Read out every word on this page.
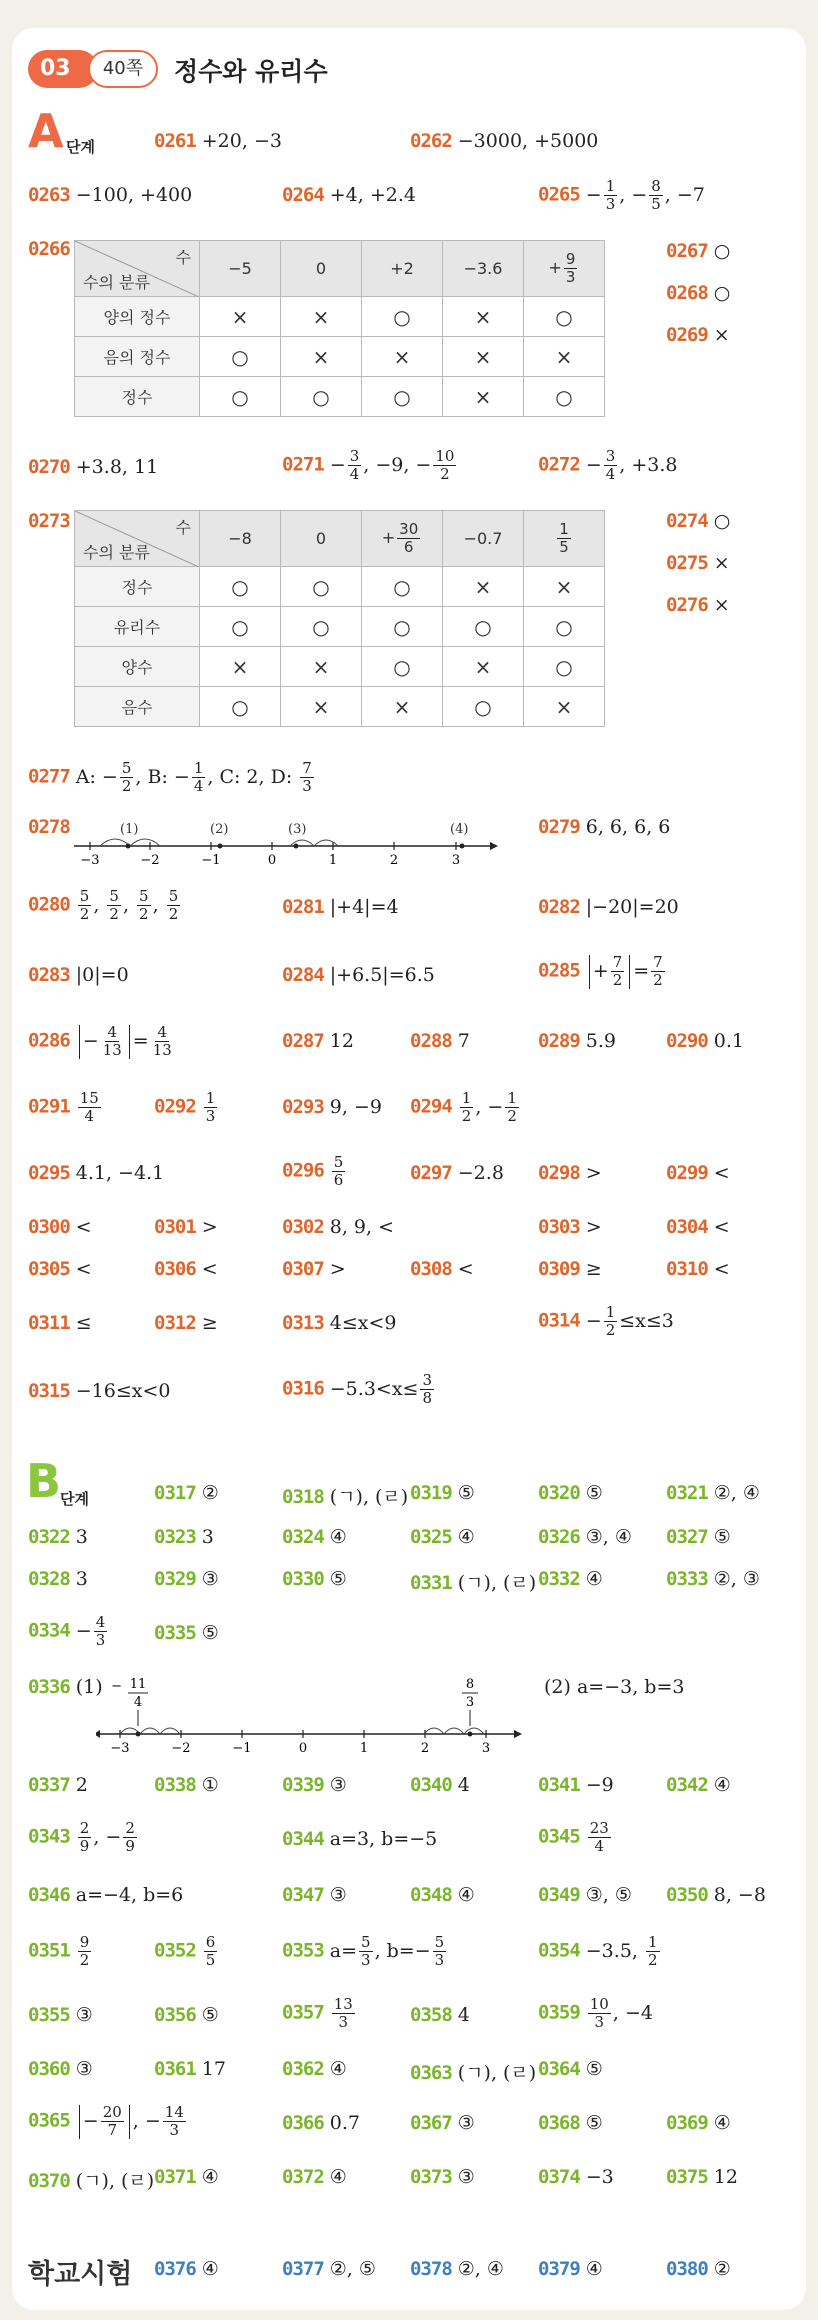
03	40쪽	정수와 유리수
A 단계	0261 +20, −3	0262 −3000, +5000
0263 −100, +400	0264 +4, +2.4	$0265 - \frac{1}{3}$ , − $\frac{8}{5}$ , −7
0266	수
수의 분류	−5	0	+2	−3.6	+ $\frac{9}{3}$

양의 정수	×	×	○	×	○
음의 정수	○	×	×	×	×
정수	○	○	○	×	○
0267 ○
0268 ○
0269 ×
0270 +3.8, 11	$0271 - \frac{3}{4}$ , −9, − $\frac{10}{2}$	$0272 - \frac{3}{4}$ , +3.8
0273	수
수의 분류	−8	0	+ $\frac{30}{6}$	−0.7	$\frac{1}{5}$

정수	○	○	○	×	×
유리수	○	○	○	○	○
양수	×	×	○	×	○
음수	○	×	×	○	×
0274 ○
0275 ×
0276 ×
0277 A: − $\frac{5}{2}$ , B: − $\frac{1}{4}$ , C: 2, D: $\frac{7}{3}$
0278	(1)	(2)	(3)	(4)
−3	−2	−1	0	1	2	3
0279 6, 6, 6, 6
$0280 \frac{5}{2}$ , $\frac{5}{2}$ , $\frac{5}{2}$ , $\frac{5}{2}$	0281 |+4|=4	0282 |−20|=20
0283 |0|=0	0284 |+6.5|=6.5	$0285 + \frac{7}{2} = \frac{7}{2}$
$0286 - \frac{4}{13} = \frac{4}{13}$	0287 12	0288 7	0289 5.9	0290 0.1
$0291 \frac{15}{4}$	$0292 \frac{1}{3}$	0293 9, −9 $0294 \frac{1}{2}$ , − $\frac{1}{2}$
0295 4.1, −4.1	$0296 \frac{5}{6}$	0297 −2.8 0298 >	0299 <
0300 <	0301 >	0302 8, 9, <	0303 >	0304 <
0305 <	0306 <	0307 >	0308 <	0309 ≥	0310 <
0311 ≤	0312 ≥	0313 4≤x<9	$0314 - \frac{1}{2} \le x\le 3$
0315 −16≤x<0	$0316 -5.3<x\le \frac{3}{8}$
B
단계	0317 ②	0318 (ㄱ), (ㄹ) 0319 ⑤	0320 ⑤	0321 ②, ④
0322 3	0323 3	0324 ④	0325 ④	0326 ③, ④ 0327 ⑤
0328 3	0329 ③	0330 ⑤	0331 (ㄱ), (ㄹ) 0332 ④	0333 ②, ③
$0334 - \frac{4}{3} 0335$ ⑤
0336 (1) − 11
4
8
3
−3	−2	−1	0	1	2	3
(2) a=−3, b=3
0337 2	0338 ①	0339 ③	0340 4	0341 −9	0342 ④
$0343 \frac{2}{9}$ , − $\frac{2}{9}$	0344 a=3, b=−5	$0345 \frac{23}{4}$
0346 a=−4, b=6	0347 ③	0348 ④	0349 ③, ⑤ 0350 8, −8
$0351 \frac{9}{2}$	$0352 \frac{6}{5}$	0353 $a= \frac{5}{3}$ , $b=- \frac{5}{3}$	0354 −3.5, $\frac{1}{2}$
0355 ③	0356 ⑤	$0357 \frac{13}{3}$	0358 4	$0359 \frac{10}{3}$ , −4
0360 ③	0361 17	0362 ④	0363 (ㄱ), (ㄹ) 0364 ⑤
$0365 - \frac{20}{7}$ , − $\frac{14}{3}$	0366 0.7	0367 ③	0368 ⑤	0369 ④
0370 (ㄱ), (ㄹ) 0371 ④	0372 ④	0373 ③	0374 −3	0375 12
학교시험 0376 ④	0377 ②, ⑤ 0378 ②, ④ 0379 ④	0380 ②
